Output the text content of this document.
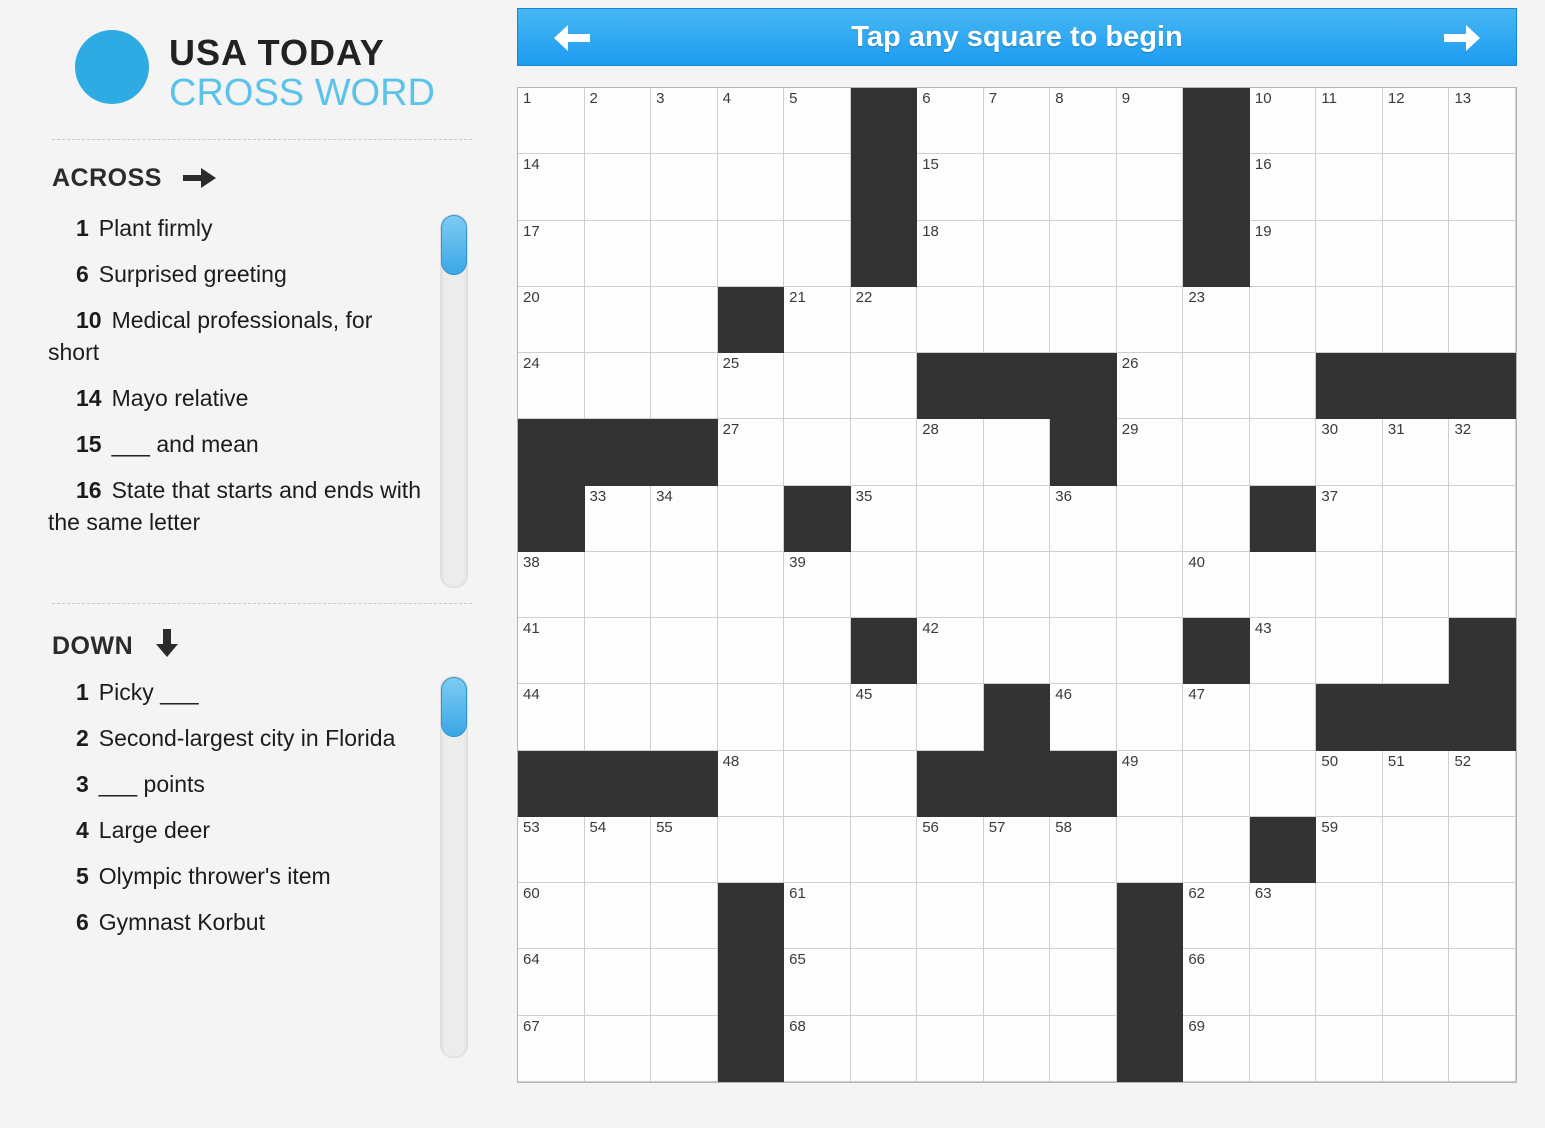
USA TODAY
CROSS WORD
ACROSS
1 Plant firmly
6 Surprised greeting
10 Medical professionals, for short
14 Mayo relative
15 ___ and mean
16 State that starts and ends with the same letter
DOWN
1 Picky ___
2 Second-largest city in Florida
3 ___ points
4 Large deer
5 Olympic thrower's item
6 Gymnast Korbut
Tap any square to begin
1	2	3	4	5	6	7	8	9	10	11	12	13
14	15	16
17	18	19
20	21	22	23
24	25	26
27	28	29	30	31	32
33	34	35	36	37
38	39	40
41	42	43
44	45	46	47
48	49	50	51	52
53	54	55	56	57	58	59
60	61	62	63
64	65	66
67	68	69
